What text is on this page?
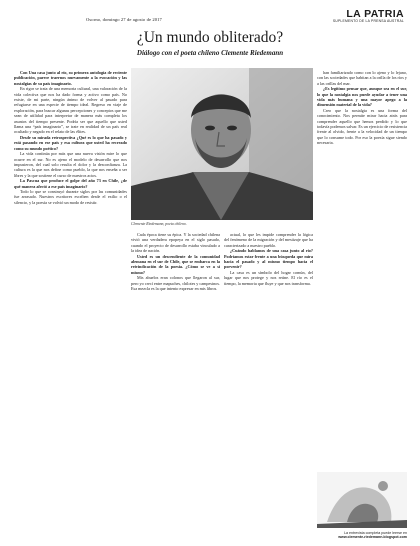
Osorno, domingo 27 de agosto de 2017	LA PATRIA
SUPLEMENTO DE LA PRENSA AUSTRAL
¿Un mundo obliterado?
Diálogo con el poeta chileno Clemente Riedemann

Con Una casa junto al río, su primera antología de reciente publicación, parece traernos nuevamente a la evocación y las nostalgias de su país imaginario.

En rigor se trata de una memoria cultural, una valoración de la vida colectiva que nos ha dado forma y activo como país. No existe, de mi parte, ningún ánimo de volver al pasado para refugiarse en una especie de tiempo ideal. Regreso en viaje de exploración, para buscar algunas percepciones y conceptos que me sean de utilidad para interpretar de manera más completa los asuntos del tiempo presente. Podría ser que aquello que usted llama una “país imaginario”, se trate en realidad de un país real ocultado y negado en el relato de las élites.

Desde su mirada retrospectiva ¿Qué es lo que ha pasado y está pasando en ese país y esa cultura que usted ha recreado como su mundo poético?

La vida continúa por más que una nueva visión mire lo que ocurre en el sur. No es ajeno el modelo de desarrollo que nos impusieron, del cual solo resulta el dolor y la desconfianza. La cultura es la que nos define como pueblo, la que nos enseña a ser libres y la que sostiene el curso de nuestros actos.

La Pascua que produce el golpe del año 73 en Chile, ¿de qué manera afectó a ese país imaginario?

Todo lo que se construyó durante siglos por las comunidades fue arrasado. Nuestros escritores escriben desde el exilio o el silencio, y la poesía se volvió un modo de resistir.

Clemente Riedemann, poeta chileno.

Cada época tiene su épica. Y la sociedad chilena vivió una verdadera epopeya en el siglo pasado, cuando el proyecto de desarrollo estaba vinculado a la idea de nación.

Usted es un descendiente de la comunidad alemana en el sur de Chile, que se embarca en la reivindicación de la poesía. ¿Cómo se ve a sí mismo?

Mis abuelos eran colonos que llegaron al sur, pero yo crecí entre mapuches, chilotes y campesinos. Esa mezcla es la que intento expresar en mis libros.

actual, lo que les impide comprender la lógica del fenómeno de la migración y del mestizaje que ha caracterizado a nuestro pueblo.

¿Cuándo hablamos de una casa junto al río? Podríamos estar frente a una búsqueda que mira hacia el pasado y al mismo tiempo hacia el porvenir?

La casa es un símbolo del hogar común, del lugar que nos protege y nos reúne. El río es el tiempo, la memoria que fluye y que nos transforma.

han familiarizado como con lo ajeno y lo lejano, con las sociedades que habitan a la orilla de los ríos y a las orillas del mar.

¿Es legítimo pensar que, aunque sea en el sur, lo que la nostalgia nos puede ayudar a tener una vida más humana y una mayor apego a la dimensión material de la vida?

Creo que la nostalgia es una forma del conocimiento. Nos permite mirar hacia atrás para comprender aquello que hemos perdido y lo que todavía podemos salvar. Es un ejercicio de resistencia frente al olvido, frente a la velocidad de un tiempo que lo consume todo. Por eso la poesía sigue siendo necesaria.

La entrevista completa puede leerse en
www.clemente-riedemann.blogspot.com
